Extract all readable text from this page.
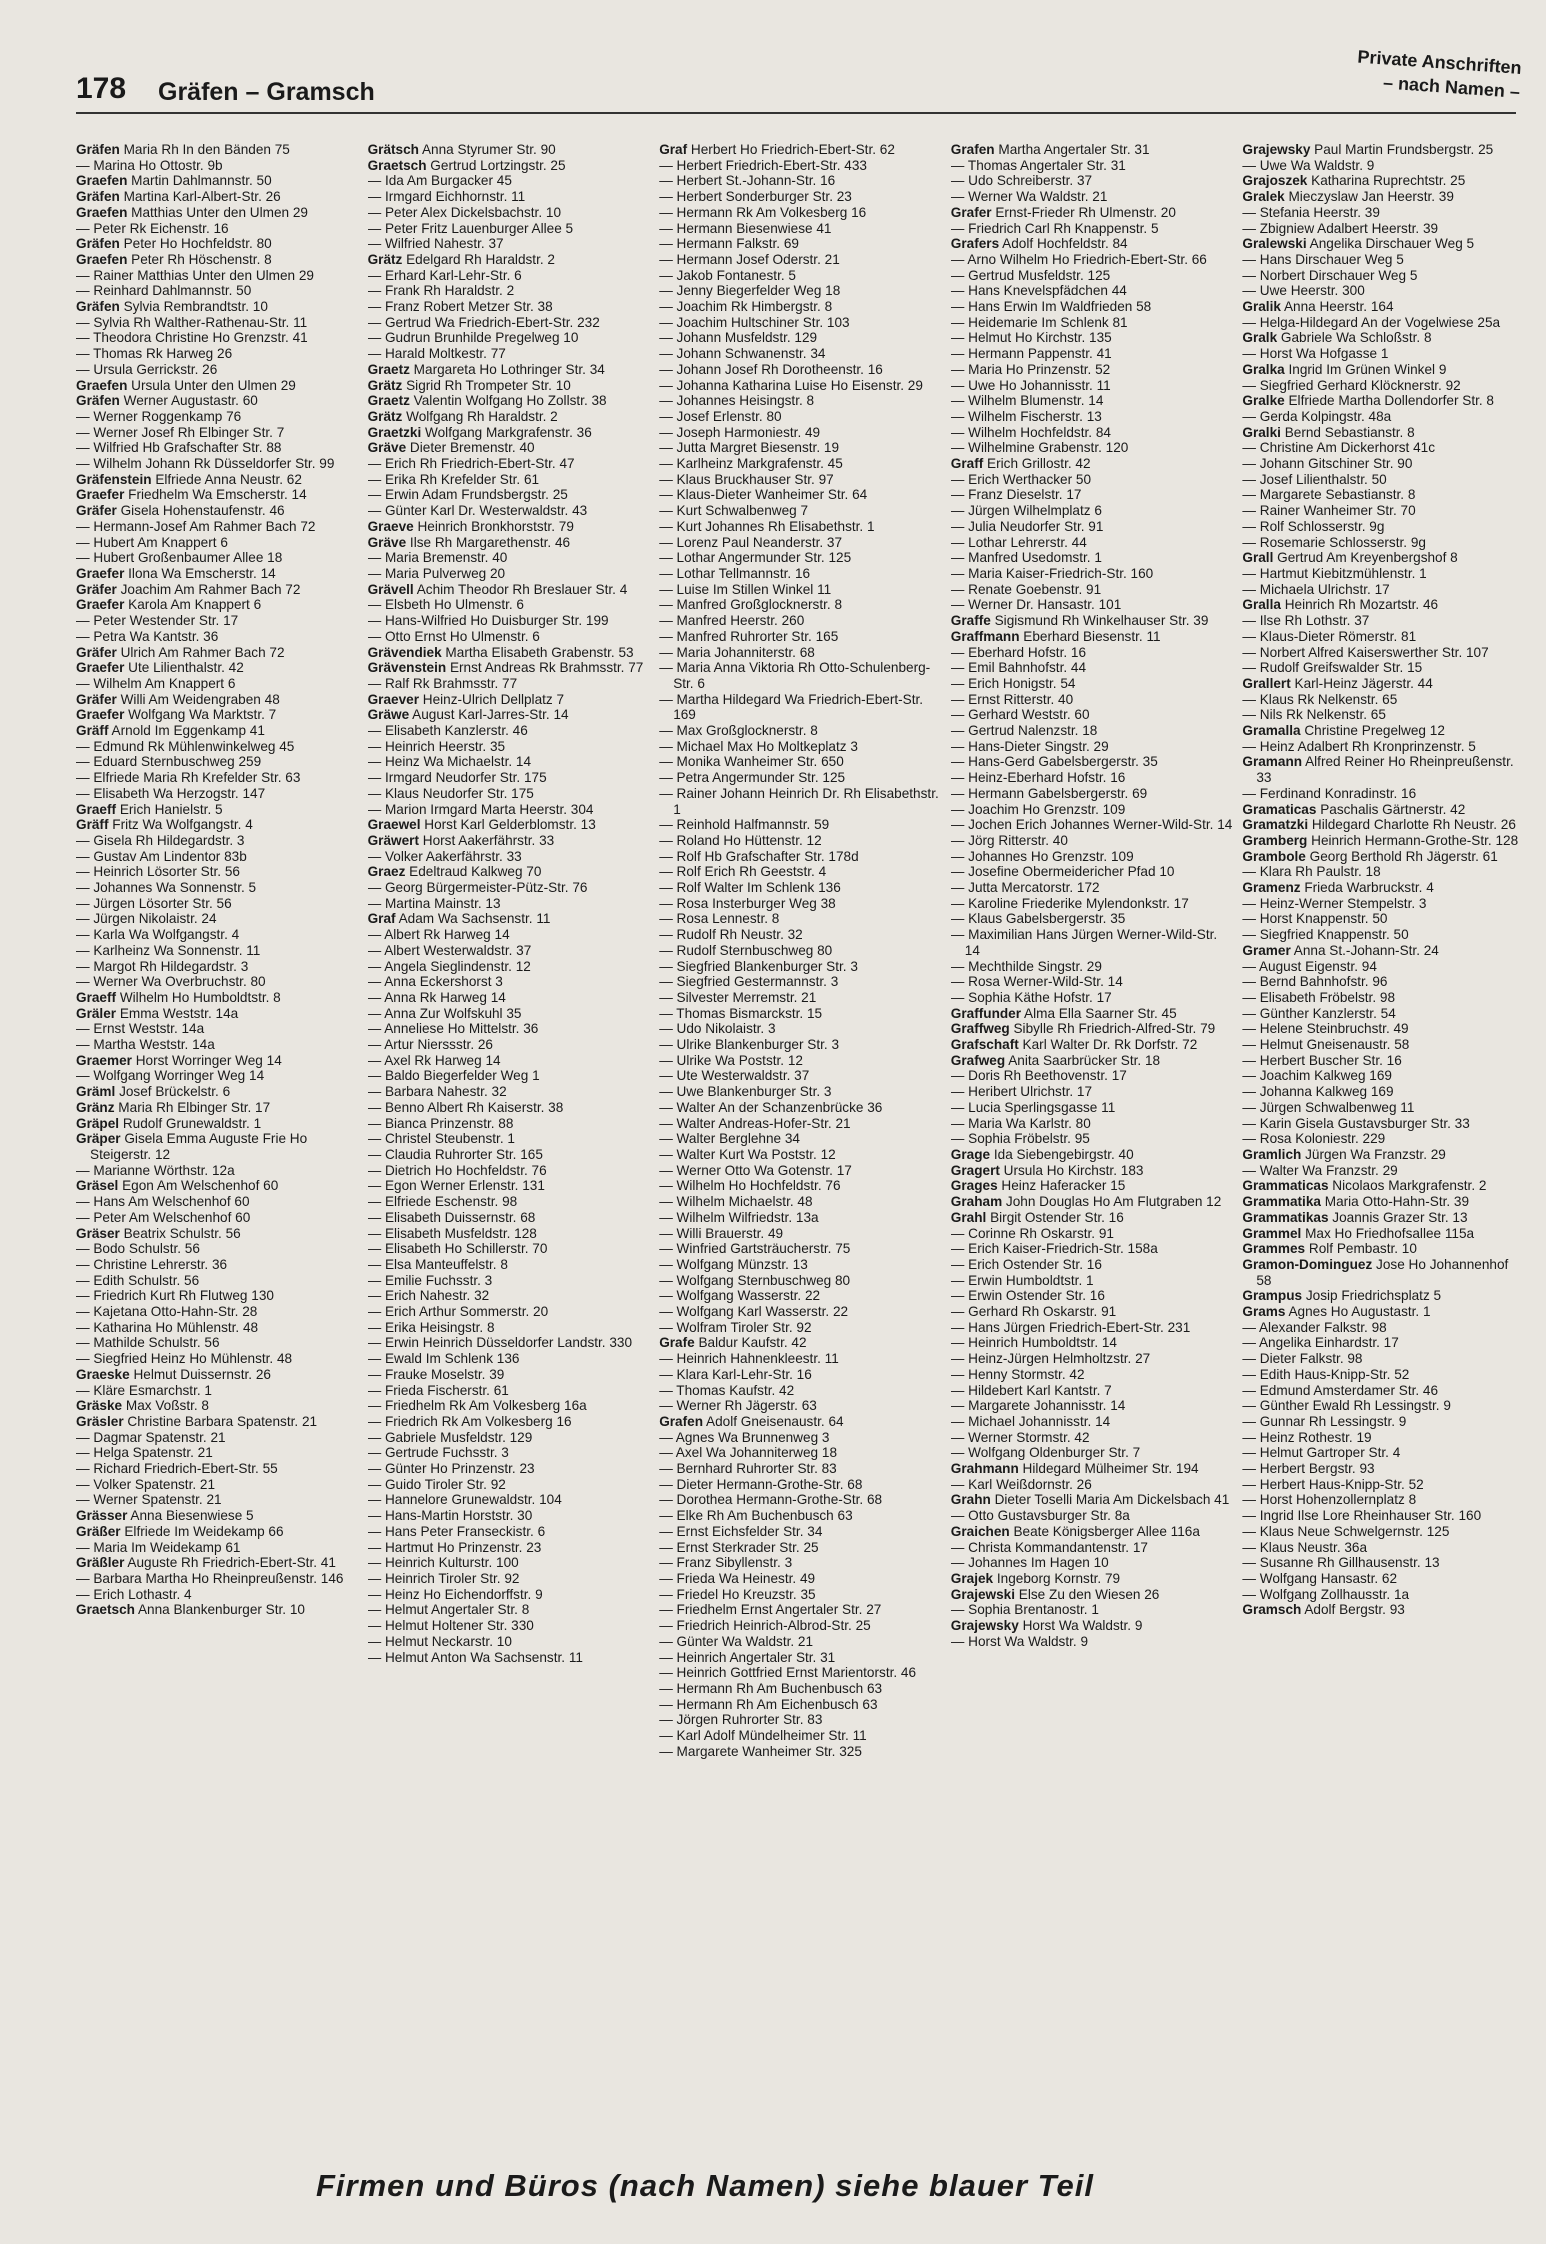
178 Gräfen – Gramsch
Private Anschriften
– nach Namen –
Gräfen Maria Rh In den Bänden 75
— Marina Ho Ottostr. 9b
Graefen Martin Dahlmannstr. 50
Gräfen Martina Karl-Albert-Str. 26
Graefen Matthias Unter den Ulmen 29
— Peter Rk Eichenstr. 16
Gräfen Peter Ho Hochfeldstr. 80
Graefen Peter Rh Höschenstr. 8
— Rainer Matthias Unter den Ulmen 29
— Reinhard Dahlmannstr. 50
Gräfen Sylvia Rembrandtstr. 10
— Sylvia Rh Walther-Rathenau-Str. 11
— Theodora Christine Ho Grenzstr. 41
— Thomas Rk Harweg 26
— Ursula Gerrickstr. 26
Graefen Ursula Unter den Ulmen 29
Gräfen Werner Augustastr. 60
— Werner Roggenkamp 76
— Werner Josef Rh Elbinger Str. 7
— Wilfried Hb Grafschafter Str. 88
— Wilhelm Johann Rk Düsseldorfer Str. 99
Gräfenstein Elfriede Anna Neustr. 62
Graefer Friedhelm Wa Emscherstr. 14
Gräfer Gisela Hohenstaufenstr. 46
— Hermann-Josef Am Rahmer Bach 72
— Hubert Am Knappert 6
— Hubert Großenbaumer Allee 18
Graefer Ilona Wa Emscherstr. 14
Gräfer Joachim Am Rahmer Bach 72
Graefer Karola Am Knappert 6
— Peter Westender Str. 17
— Petra Wa Kantstr. 36
Gräfer Ulrich Am Rahmer Bach 72
Graefer Ute Lilienthalstr. 42
— Wilhelm Am Knappert 6
Gräfer Willi Am Weidengraben 48
Graefer Wolfgang Wa Marktstr. 7
Gräff Arnold Im Eggenkamp 41
— Edmund Rk Mühlenwinkelweg 45
— Eduard Sternbuschweg 259
— Elfriede Maria Rh Krefelder Str. 63
— Elisabeth Wa Herzogstr. 147
Graeff Erich Hanielstr. 5
Gräff Fritz Wa Wolfgangstr. 4
— Gisela Rh Hildegardstr. 3
— Gustav Am Lindentor 83b
— Heinrich Lösorter Str. 56
— Johannes Wa Sonnenstr. 5
— Jürgen Lösorter Str. 56
— Jürgen Nikolaistr. 24
— Karla Wa Wolfgangstr. 4
— Karlheinz Wa Sonnenstr. 11
— Margot Rh Hildegardstr. 3
— Werner Wa Overbruchstr. 80
Graeff Wilhelm Ho Humboldtstr. 8
Gräler Emma Weststr. 14a
— Ernst Weststr. 14a
— Martha Weststr. 14a
Graemer Horst Worringer Weg 14
— Wolfgang Worringer Weg 14
Gräml Josef Brückelstr. 6
Gränz Maria Rh Elbinger Str. 17
Gräpel Rudolf Grunewaldstr. 1
Gräper Gisela Emma Auguste Frie Ho Steigerstr. 12
— Marianne Wörthstr. 12a
Gräsel Egon Am Welschenhof 60
— Hans Am Welschenhof 60
— Peter Am Welschenhof 60
Gräser Beatrix Schulstr. 56
— Bodo Schulstr. 56
— Christine Lehrerstr. 36
— Edith Schulstr. 56
— Friedrich Kurt Rh Flutweg 130
— Kajetana Otto-Hahn-Str. 28
— Katharina Ho Mühlenstr. 48
— Mathilde Schulstr. 56
— Siegfried Heinz Ho Mühlenstr. 48
Graeske Helmut Duissernstr. 26
— Kläre Esmarchstr. 1
Gräske Max Voßstr. 8
Gräsler Christine Barbara Spatenstr. 21
— Dagmar Spatenstr. 21
— Helga Spatenstr. 21
— Richard Friedrich-Ebert-Str. 55
— Volker Spatenstr. 21
— Werner Spatenstr. 21
Grässer Anna Biesenwiese 5
Gräßer Elfriede Im Weidekamp 66
— Maria Im Weidekamp 61
Gräßler Auguste Rh Friedrich-Ebert-Str. 41
— Barbara Martha Ho Rheinpreußenstr. 146
— Erich Lothastr. 4
Graetsch Anna Blankenburger Str. 10
Grätsch Anna Styrumer Str. 90
Graetsch Gertrud Lortzingstr. 25
— Ida Am Burgacker 45
— Irmgard Eichhornstr. 11
— Peter Alex Dickelsbachstr. 10
— Peter Fritz Lauenburger Allee 5
— Wilfried Nahestr. 37
Grätz Edelgard Rh Haraldstr. 2
— Erhard Karl-Lehr-Str. 6
— Frank Rh Haraldstr. 2
— Franz Robert Metzer Str. 38
— Gertrud Wa Friedrich-Ebert-Str. 232
— Gudrun Brunhilde Pregelweg 10
— Harald Moltkestr. 77
Graetz Margareta Ho Lothringer Str. 34
Grätz Sigrid Rh Trompeter Str. 10
Graetz Valentin Wolfgang Ho Zollstr. 38
Grätz Wolfgang Rh Haraldstr. 2
Graetzki Wolfgang Markgrafenstr. 36
Gräve Dieter Bremenstr. 40
— Erich Rh Friedrich-Ebert-Str. 47
— Erika Rh Krefelder Str. 61
— Erwin Adam Frundsbergstr. 25
— Günter Karl Dr. Westerwaldstr. 43
Graeve Heinrich Bronkhorststr. 79
Gräve Ilse Rh Margarethenstr. 46
— Maria Bremenstr. 40
— Maria Pulverweg 20
Grävell Achim Theodor Rh Breslauer Str. 4
— Elsbeth Ho Ulmenstr. 6
— Hans-Wilfried Ho Duisburger Str. 199
— Otto Ernst Ho Ulmenstr. 6
Grävendiek Martha Elisabeth Grabenstr. 53
Grävenstein Ernst Andreas Rk Brahmsstr. 77
— Ralf Rk Brahmsstr. 77
Graever Heinz-Ulrich Dellplatz 7
Gräwe August Karl-Jarres-Str. 14
— Elisabeth Kanzlerstr. 46
— Heinrich Heerstr. 35
— Heinz Wa Michaelstr. 14
— Irmgard Neudorfer Str. 175
— Klaus Neudorfer Str. 175
— Marion Irmgard Marta Heerstr. 304
Graewel Horst Karl Gelderblomstr. 13
Gräwert Horst Aakerfährstr. 33
— Volker Aakerfährstr. 33
Graez Edeltraud Kalkweg 70
— Georg Bürgermeister-Pütz-Str. 76
— Martina Mainstr. 13
Graf Adam Wa Sachsenstr. 11
— Albert Rk Harweg 14
— Albert Westerwaldstr. 37
— Angela Sieglindenstr. 12
— Anna Eckershorst 3
— Anna Rk Harweg 14
— Anna Zur Wolfskuhl 35
— Anneliese Ho Mittelstr. 36
— Artur Nierssstr. 26
— Axel Rk Harweg 14
— Baldo Biegerfelder Weg 1
— Barbara Nahestr. 32
— Benno Albert Rh Kaiserstr. 38
— Bianca Prinzenstr. 88
— Christel Steubenstr. 1
— Claudia Ruhrorter Str. 165
— Dietrich Ho Hochfeldstr. 76
— Egon Werner Erlenstr. 131
— Elfriede Eschenstr. 98
— Elisabeth Duissernstr. 68
— Elisabeth Musfeldstr. 128
— Elisabeth Ho Schillerstr. 70
— Elsa Manteuffelstr. 8
— Emilie Fuchsstr. 3
— Erich Nahestr. 32
— Erich Arthur Sommerstr. 20
— Erika Heisingstr. 8
— Erwin Heinrich Düsseldorfer Landstr. 330
— Ewald Im Schlenk 136
— Frauke Moselstr. 39
— Frieda Fischerstr. 61
— Friedhelm Rk Am Volkesberg 16a
— Friedrich Rk Am Volkesberg 16
— Gabriele Musfeldstr. 129
— Gertrude Fuchsstr. 3
— Günter Ho Prinzenstr. 23
— Guido Tiroler Str. 92
— Hannelore Grunewaldstr. 104
— Hans-Martin Horststr. 30
— Hans Peter Franseckistr. 6
— Hartmut Ho Prinzenstr. 23
— Heinrich Kulturstr. 100
— Heinrich Tiroler Str. 92
— Heinz Ho Eichendorffstr. 9
— Helmut Angertaler Str. 8
— Helmut Holtener Str. 330
— Helmut Neckarstr. 10
— Helmut Anton Wa Sachsenstr. 11
Graf Herbert Ho Friedrich-Ebert-Str. 62
— Herbert Friedrich-Ebert-Str. 433
— Herbert St.-Johann-Str. 16
— Herbert Sonderburger Str. 23
— Hermann Rk Am Volkesberg 16
— Hermann Biesenwiese 41
— Hermann Falkstr. 69
— Hermann Josef Oderstr. 21
— Jakob Fontanestr. 5
— Jenny Biegerfelder Weg 18
— Joachim Rk Himbergstr. 8
— Joachim Hultschiner Str. 103
— Johann Musfeldstr. 129
— Johann Schwanenstr. 34
— Johann Josef Rh Dorotheenstr. 16
— Johanna Katharina Luise Ho Eisenstr. 29
— Johannes Heisingstr. 8
— Josef Erlenstr. 80
— Joseph Harmoniestr. 49
— Jutta Margret Biesenstr. 19
— Karlheinz Markgrafenstr. 45
— Klaus Bruckhauser Str. 97
— Klaus-Dieter Wanheimer Str. 64
— Kurt Schwalbenweg 7
— Kurt Johannes Rh Elisabethstr. 1
— Lorenz Paul Neanderstr. 37
— Lothar Angermunder Str. 125
— Lothar Tellmannstr. 16
— Luise Im Stillen Winkel 11
— Manfred Großglocknerstr. 8
— Manfred Heerstr. 260
— Manfred Ruhrorter Str. 165
— Maria Johanniterstr. 68
— Maria Anna Viktoria Rh Otto-Schulenberg-Str. 6
— Martha Hildegard Wa Friedrich-Ebert-Str. 169
— Max Großglocknerstr. 8
— Michael Max Ho Moltkeplatz 3
— Monika Wanheimer Str. 650
— Petra Angermunder Str. 125
— Rainer Johann Heinrich Dr. Rh Elisabethstr. 1
— Reinhold Halfmannstr. 59
— Roland Ho Hüttenstr. 12
— Rolf Hb Grafschafter Str. 178d
— Rolf Erich Rh Geeststr. 4
— Rolf Walter Im Schlenk 136
— Rosa Insterburger Weg 38
— Rosa Lennestr. 8
— Rudolf Rh Neustr. 32
— Rudolf Sternbuschweg 80
— Siegfried Blankenburger Str. 3
— Siegfried Gestermannstr. 3
— Silvester Merremstr. 21
— Thomas Bismarckstr. 15
— Udo Nikolaistr. 3
— Ulrike Blankenburger Str. 3
— Ulrike Wa Poststr. 12
— Ute Westerwaldstr. 37
— Uwe Blankenburger Str. 3
— Walter An der Schanzenbrücke 36
— Walter Andreas-Hofer-Str. 21
— Walter Berglehne 34
— Walter Kurt Wa Poststr. 12
— Werner Otto Wa Gotenstr. 17
— Wilhelm Ho Hochfeldstr. 76
— Wilhelm Michaelstr. 48
— Wilhelm Wilfriedstr. 13a
— Willi Brauerstr. 49
— Winfried Gartsträucherstr. 75
— Wolfgang Münzstr. 13
— Wolfgang Sternbuschweg 80
— Wolfgang Wasserstr. 22
— Wolfgang Karl Wasserstr. 22
— Wolfram Tiroler Str. 92
Grafe Baldur Kaufstr. 42
— Heinrich Hahnenkleestr. 11
— Klara Karl-Lehr-Str. 16
— Thomas Kaufstr. 42
— Werner Rh Jägerstr. 63
Grafen Adolf Gneisenaustr. 64
— Agnes Wa Brunnenweg 3
— Axel Wa Johanniterweg 18
— Bernhard Ruhrorter Str. 83
— Dieter Hermann-Grothe-Str. 68
— Dorothea Hermann-Grothe-Str. 68
— Elke Rh Am Buchenbusch 63
— Ernst Eichsfelder Str. 34
— Ernst Sterkrader Str. 25
— Franz Sibyllenstr. 3
— Frieda Wa Heinestr. 49
— Friedel Ho Kreuzstr. 35
— Friedhelm Ernst Angertaler Str. 27
— Friedrich Heinrich-Albrod-Str. 25
— Günter Wa Waldstr. 21
— Heinrich Angertaler Str. 31
— Heinrich Gottfried Ernst Marientorstr. 46
— Hermann Rh Am Buchenbusch 63
— Hermann Rh Am Eichenbusch 63
— Jörgen Ruhrorter Str. 83
— Karl Adolf Mündelheimer Str. 11
— Margarete Wanheimer Str. 325
Grafen Martha Angertaler Str. 31
— Thomas Angertaler Str. 31
— Udo Schreiberstr. 37
— Werner Wa Waldstr. 21
Grafer Ernst-Frieder Rh Ulmenstr. 20
— Friedrich Carl Rh Knappenstr. 5
Grafers Adolf Hochfeldstr. 84
— Arno Wilhelm Ho Friedrich-Ebert-Str. 66
— Gertrud Musfeldstr. 125
— Hans Knevelspfädchen 44
— Hans Erwin Im Waldfrieden 58
— Heidemarie Im Schlenk 81
— Helmut Ho Kirchstr. 135
— Hermann Pappenstr. 41
— Maria Ho Prinzenstr. 52
— Uwe Ho Johannisstr. 11
— Wilhelm Blumenstr. 14
— Wilhelm Fischerstr. 13
— Wilhelm Hochfeldstr. 84
— Wilhelmine Grabenstr. 120
Graff Erich Grillostr. 42
— Erich Werthacker 50
— Franz Dieselstr. 17
— Jürgen Wilhelmplatz 6
— Julia Neudorfer Str. 91
— Lothar Lehrerstr. 44
— Manfred Usedomstr. 1
— Maria Kaiser-Friedrich-Str. 160
— Renate Goebenstr. 91
— Werner Dr. Hansastr. 101
Graffe Sigismund Rh Winkelhauser Str. 39
Graffmann Eberhard Biesenstr. 11
— Eberhard Hofstr. 16
— Emil Bahnhofstr. 44
— Erich Honigstr. 54
— Ernst Ritterstr. 40
— Gerhard Weststr. 60
— Gertrud Nalenzstr. 18
— Hans-Dieter Singstr. 29
— Hans-Gerd Gabelsbergerstr. 35
— Heinz-Eberhard Hofstr. 16
— Hermann Gabelsbergerstr. 69
— Joachim Ho Grenzstr. 109
— Jochen Erich Johannes Werner-Wild-Str. 14
— Jörg Ritterstr. 40
— Johannes Ho Grenzstr. 109
— Josefine Obermeidericher Pfad 10
— Jutta Mercatorstr. 172
— Karoline Friederike Mylendonkstr. 17
— Klaus Gabelsbergerstr. 35
— Maximilian Hans Jürgen Werner-Wild-Str. 14
— Mechthilde Singstr. 29
— Rosa Werner-Wild-Str. 14
— Sophia Käthe Hofstr. 17
Graffunder Alma Ella Saarner Str. 45
Graffweg Sibylle Rh Friedrich-Alfred-Str. 79
Grafschaft Karl Walter Dr. Rk Dorfstr. 72
Grafweg Anita Saarbrücker Str. 18
— Doris Rh Beethovenstr. 17
— Heribert Ulrichstr. 17
— Lucia Sperlingsgasse 11
— Maria Wa Karlstr. 80
— Sophia Fröbelstr. 95
Grage Ida Siebengebirgstr. 40
Gragert Ursula Ho Kirchstr. 183
Grages Heinz Haferacker 15
Graham John Douglas Ho Am Flutgraben 12
Grahl Birgit Ostender Str. 16
— Corinne Rh Oskarstr. 91
— Erich Kaiser-Friedrich-Str. 158a
— Erich Ostender Str. 16
— Erwin Humboldtstr. 1
— Erwin Ostender Str. 16
— Gerhard Rh Oskarstr. 91
— Hans Jürgen Friedrich-Ebert-Str. 231
— Heinrich Humboldtstr. 14
— Heinz-Jürgen Helmholtzstr. 27
— Henny Stormstr. 42
— Hildebert Karl Kantstr. 7
— Margarete Johannisstr. 14
— Michael Johannisstr. 14
— Werner Stormstr. 42
— Wolfgang Oldenburger Str. 7
Grahmann Hildegard Mülheimer Str. 194
— Karl Weißdornstr. 26
Grahn Dieter Toselli Maria Am Dickelsbach 41
— Otto Gustavsburger Str. 8a
Graichen Beate Königsberger Allee 116a
— Christa Kommandantenstr. 17
— Johannes Im Hagen 10
Grajek Ingeborg Kornstr. 79
Grajewski Else Zu den Wiesen 26
— Sophia Brentanostr. 1
Grajewsky Horst Wa Waldstr. 9
— Horst Wa Waldstr. 9
Grajewsky Paul Martin Frundsbergstr. 25
— Uwe Wa Waldstr. 9
Grajoszek Katharina Ruprechtstr. 25
Gralek Mieczyslaw Jan Heerstr. 39
— Stefania Heerstr. 39
— Zbigniew Adalbert Heerstr. 39
Gralewski Angelika Dirschauer Weg 5
— Hans Dirschauer Weg 5
— Norbert Dirschauer Weg 5
— Uwe Heerstr. 300
Gralik Anna Heerstr. 164
— Helga-Hildegard An der Vogelwiese 25a
Gralk Gabriele Wa Schloßstr. 8
— Horst Wa Hofgasse 1
Gralka Ingrid Im Grünen Winkel 9
— Siegfried Gerhard Klöcknerstr. 92
Gralke Elfriede Martha Dollendorfer Str. 8
— Gerda Kolpingstr. 48a
Gralki Bernd Sebastianstr. 8
— Christine Am Dickerhorst 41c
— Johann Gitschiner Str. 90
— Josef Lilienthalstr. 50
— Margarete Sebastianstr. 8
— Rainer Wanheimer Str. 70
— Rolf Schlosserstr. 9g
— Rosemarie Schlosserstr. 9g
Grall Gertrud Am Kreyenbergshof 8
— Hartmut Kiebitzmühlenstr. 1
— Michaela Ulrichstr. 17
Gralla Heinrich Rh Mozartstr. 46
— Ilse Rh Lothstr. 37
— Klaus-Dieter Römerstr. 81
— Norbert Alfred Kaiserswerther Str. 107
— Rudolf Greifswalder Str. 15
Grallert Karl-Heinz Jägerstr. 44
— Klaus Rk Nelkenstr. 65
— Nils Rk Nelkenstr. 65
Gramalla Christine Pregelweg 12
— Heinz Adalbert Rh Kronprinzenstr. 5
Gramann Alfred Reiner Ho Rheinpreußenstr. 33
— Ferdinand Konradinstr. 16
Gramaticas Paschalis Gärtnerstr. 42
Gramatzki Hildegard Charlotte Rh Neustr. 26
Gramberg Heinrich Hermann-Grothe-Str. 128
Grambole Georg Berthold Rh Jägerstr. 61
— Klara Rh Paulstr. 18
Gramenz Frieda Warbruckstr. 4
— Heinz-Werner Stempelstr. 3
— Horst Knappenstr. 50
— Siegfried Knappenstr. 50
Gramer Anna St.-Johann-Str. 24
— August Eigenstr. 94
— Bernd Bahnhofstr. 96
— Elisabeth Fröbelstr. 98
— Günther Kanzlerstr. 54
— Helene Steinbruchstr. 49
— Helmut Gneisenaustr. 58
— Herbert Buscher Str. 16
— Joachim Kalkweg 169
— Johanna Kalkweg 169
— Jürgen Schwalbenweg 11
— Karin Gisela Gustavsburger Str. 33
— Rosa Koloniestr. 229
Gramlich Jürgen Wa Franzstr. 29
— Walter Wa Franzstr. 29
Grammaticas Nicolaos Markgrafenstr. 2
Grammatika Maria Otto-Hahn-Str. 39
Grammatikas Joannis Grazer Str. 13
Grammel Max Ho Friedhofsallee 115a
Grammes Rolf Pembastr. 10
Gramon-Dominguez Jose Ho Johannenhof 58
Grampus Josip Friedrichsplatz 5
Grams Agnes Ho Augustastr. 1
— Alexander Falkstr. 98
— Angelika Einhardstr. 17
— Dieter Falkstr. 98
— Edith Haus-Knipp-Str. 52
— Edmund Amsterdamer Str. 46
— Günther Ewald Rh Lessingstr. 9
— Gunnar Rh Lessingstr. 9
— Heinz Rothestr. 19
— Helmut Gartroper Str. 4
— Herbert Bergstr. 93
— Herbert Haus-Knipp-Str. 52
— Horst Hohenzollernplatz 8
— Ingrid Ilse Lore Rheinhauser Str. 160
— Klaus Neue Schwelgernstr. 125
— Klaus Neustr. 36a
— Susanne Rh Gillhausenstr. 13
— Wolfgang Hansastr. 62
— Wolfgang Zollhausstr. 1a
Gramsch Adolf Bergstr. 93
Firmen und Büros (nach Namen) siehe blauer Teil
